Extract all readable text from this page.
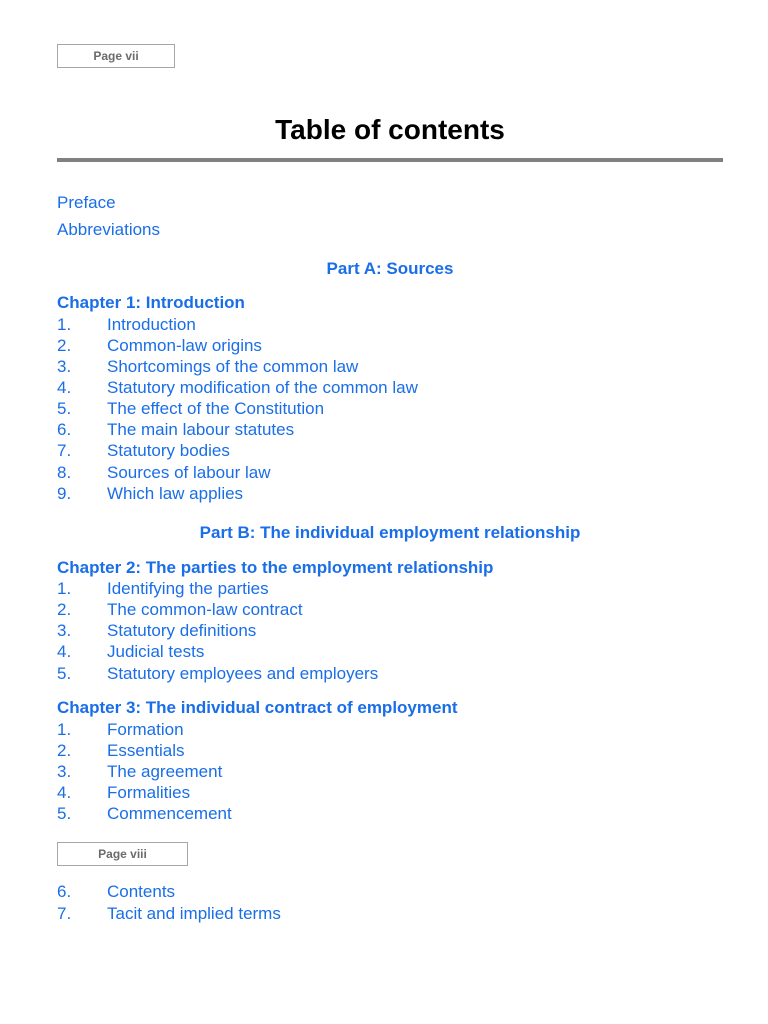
Page vii
Table of contents
Preface
Abbreviations
Part A: Sources
Chapter 1: Introduction
1.	Introduction
2.	Common-law origins
3.	Shortcomings of the common law
4.	Statutory modification of the common law
5.	The effect of the Constitution
6.	The main labour statutes
7.	Statutory bodies
8.	Sources of labour law
9.	Which law applies
Part B: The individual employment relationship
Chapter 2: The parties to the employment relationship
1.	Identifying the parties
2.	The common-law contract
3.	Statutory definitions
4.	Judicial tests
5.	Statutory employees and employers
Chapter 3: The individual contract of employment
1.	Formation
2.	Essentials
3.	The agreement
4.	Formalities
5.	Commencement
Page viii
6.	Contents
7.	Tacit and implied terms
